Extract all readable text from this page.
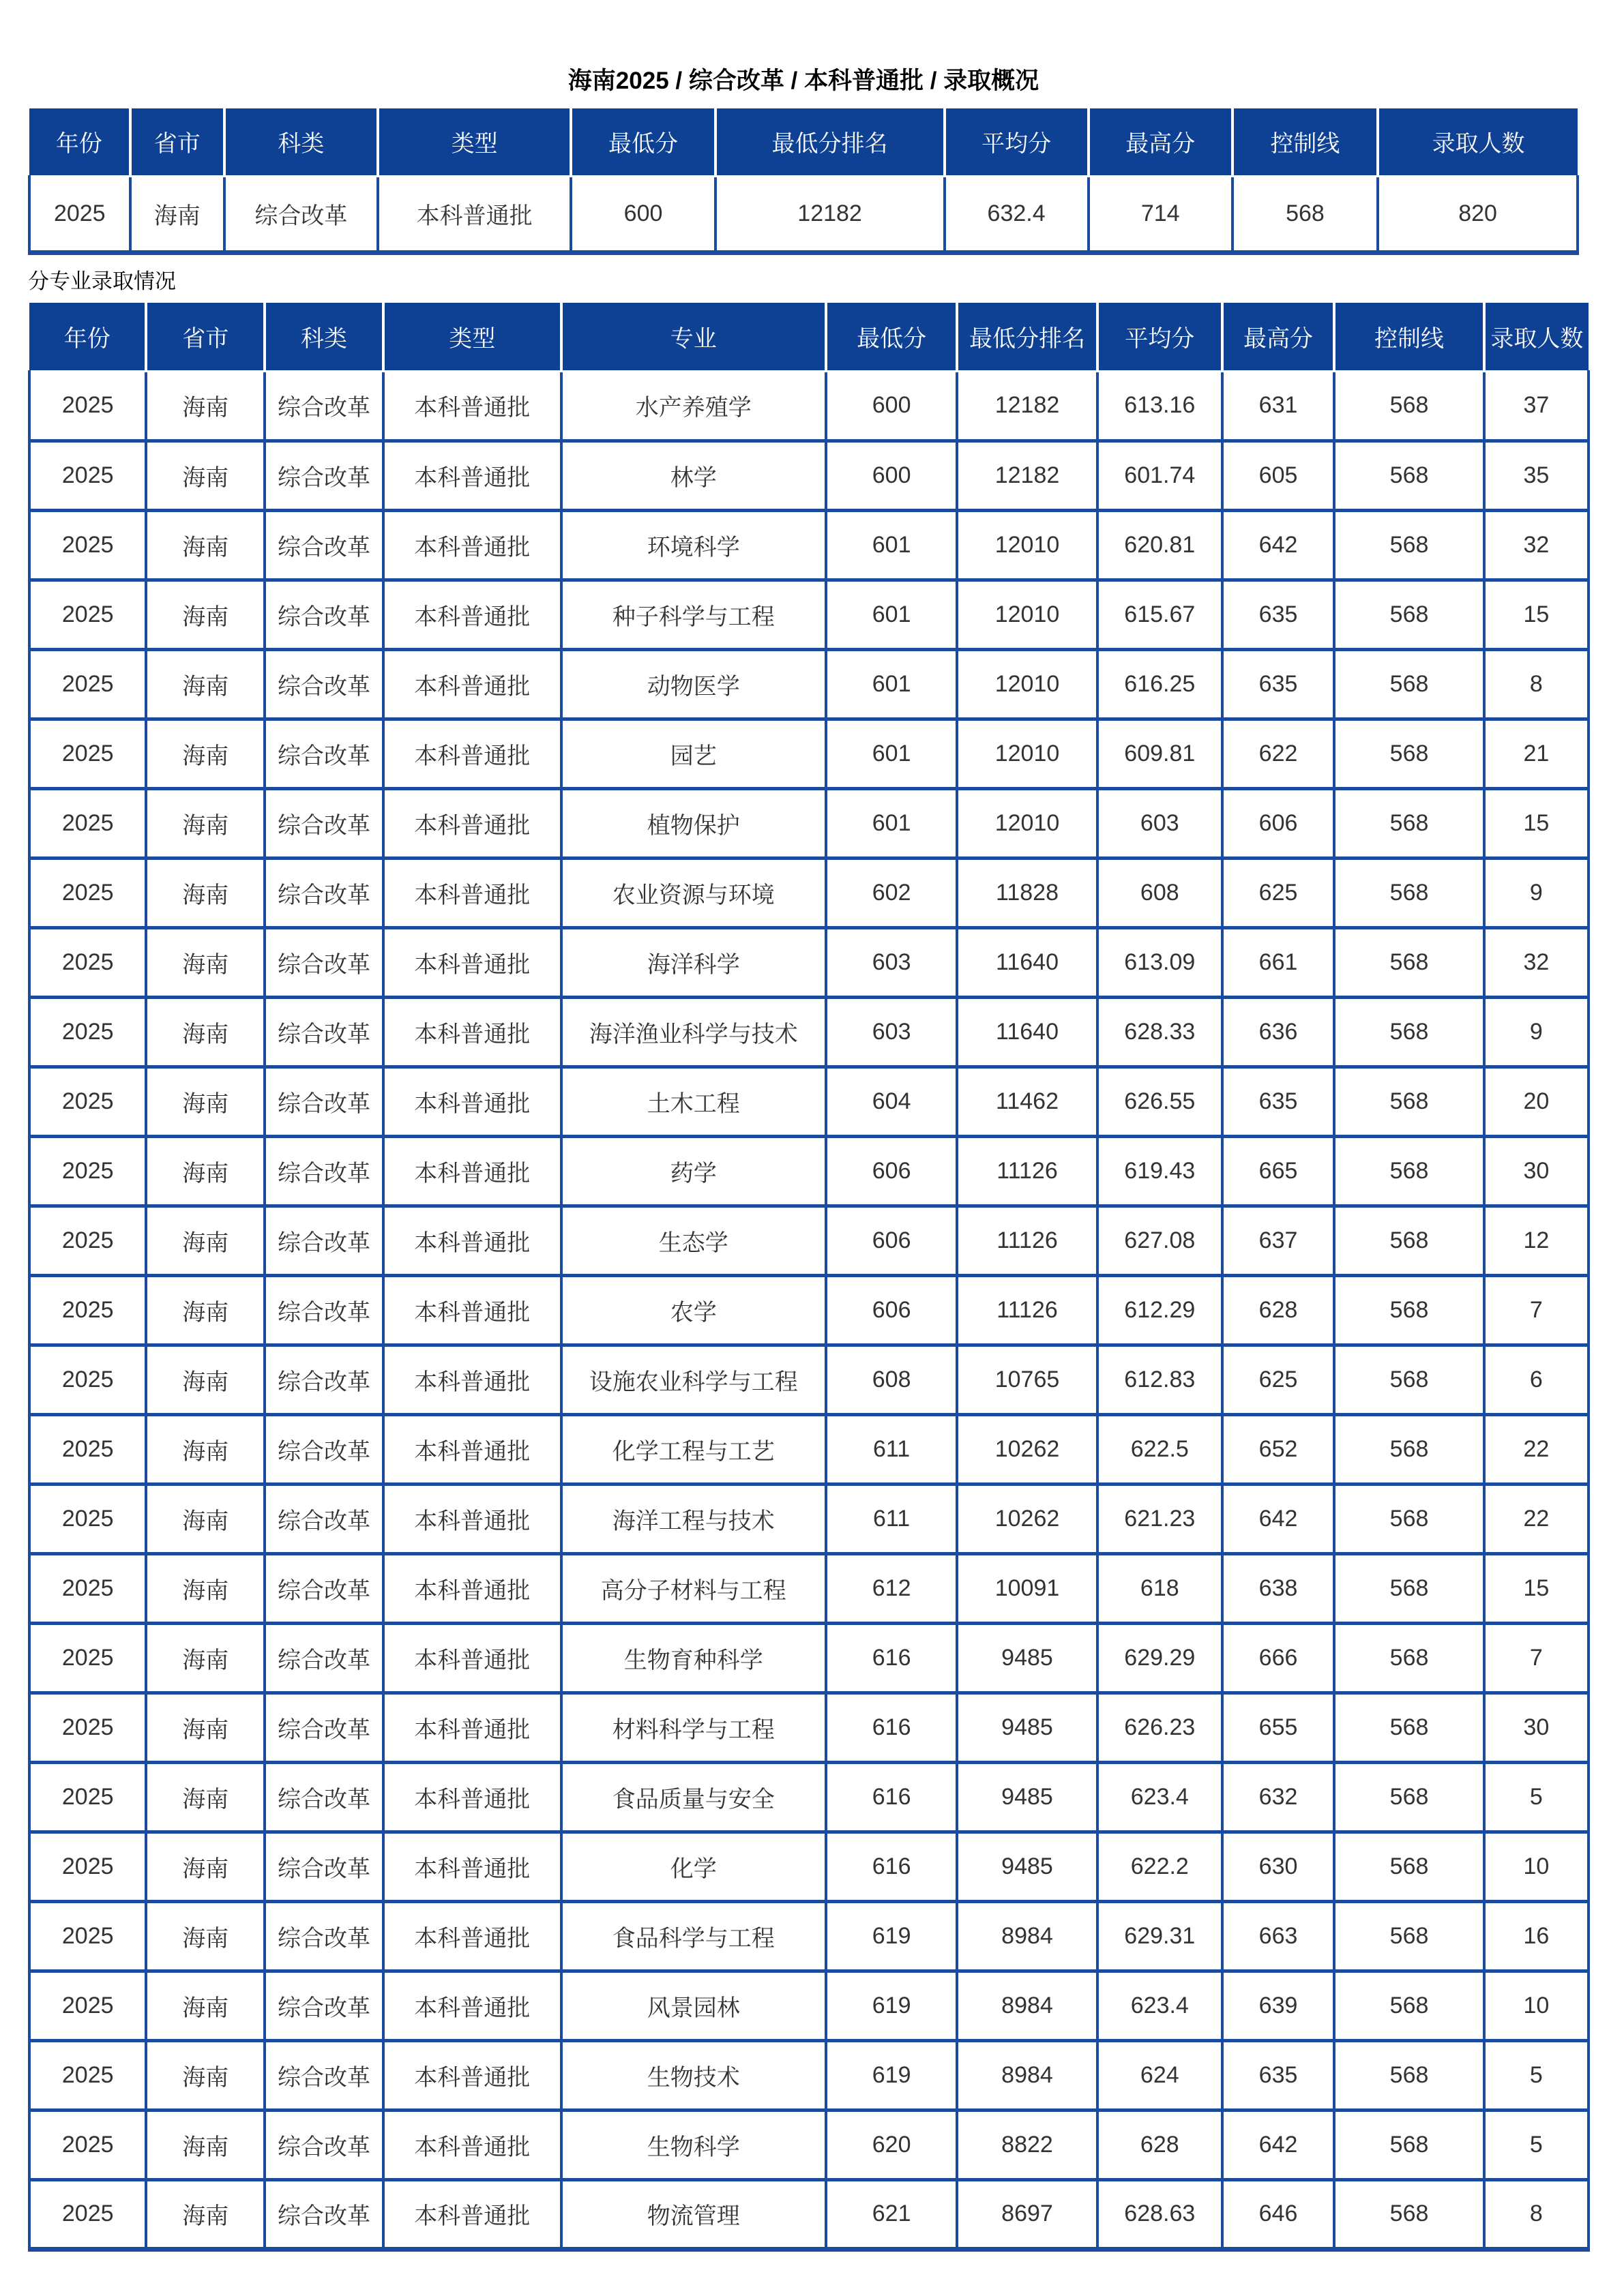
海南2025 / 综合改革 / 本科普通批 / 录取概况
年份	省市	科类	类型	最低分	最低分排名	平均分	最高分	控制线	录取人数
2025	海南	综合改革	本科普通批	600	12182	632.4	714	568	820
分专业录取情况
年份	省市	科类	类型	专业	最低分	最低分排名	平均分	最高分	控制线	录取人数
2025	海南	综合改革	本科普通批	水产养殖学	600	12182	613.16	631	568	37
2025	海南	综合改革	本科普通批	林学	600	12182	601.74	605	568	35
2025	海南	综合改革	本科普通批	环境科学	601	12010	620.81	642	568	32
2025	海南	综合改革	本科普通批	种子科学与工程	601	12010	615.67	635	568	15
2025	海南	综合改革	本科普通批	动物医学	601	12010	616.25	635	568	8
2025	海南	综合改革	本科普通批	园艺	601	12010	609.81	622	568	21
2025	海南	综合改革	本科普通批	植物保护	601	12010	603	606	568	15
2025	海南	综合改革	本科普通批	农业资源与环境	602	11828	608	625	568	9
2025	海南	综合改革	本科普通批	海洋科学	603	11640	613.09	661	568	32
2025	海南	综合改革	本科普通批	海洋渔业科学与技术	603	11640	628.33	636	568	9
2025	海南	综合改革	本科普通批	土木工程	604	11462	626.55	635	568	20
2025	海南	综合改革	本科普通批	药学	606	11126	619.43	665	568	30
2025	海南	综合改革	本科普通批	生态学	606	11126	627.08	637	568	12
2025	海南	综合改革	本科普通批	农学	606	11126	612.29	628	568	7
2025	海南	综合改革	本科普通批	设施农业科学与工程	608	10765	612.83	625	568	6
2025	海南	综合改革	本科普通批	化学工程与工艺	611	10262	622.5	652	568	22
2025	海南	综合改革	本科普通批	海洋工程与技术	611	10262	621.23	642	568	22
2025	海南	综合改革	本科普通批	高分子材料与工程	612	10091	618	638	568	15
2025	海南	综合改革	本科普通批	生物育种科学	616	9485	629.29	666	568	7
2025	海南	综合改革	本科普通批	材料科学与工程	616	9485	626.23	655	568	30
2025	海南	综合改革	本科普通批	食品质量与安全	616	9485	623.4	632	568	5
2025	海南	综合改革	本科普通批	化学	616	9485	622.2	630	568	10
2025	海南	综合改革	本科普通批	食品科学与工程	619	8984	629.31	663	568	16
2025	海南	综合改革	本科普通批	风景园林	619	8984	623.4	639	568	10
2025	海南	综合改革	本科普通批	生物技术	619	8984	624	635	568	5
2025	海南	综合改革	本科普通批	生物科学	620	8822	628	642	568	5
2025	海南	综合改革	本科普通批	物流管理	621	8697	628.63	646	568	8
